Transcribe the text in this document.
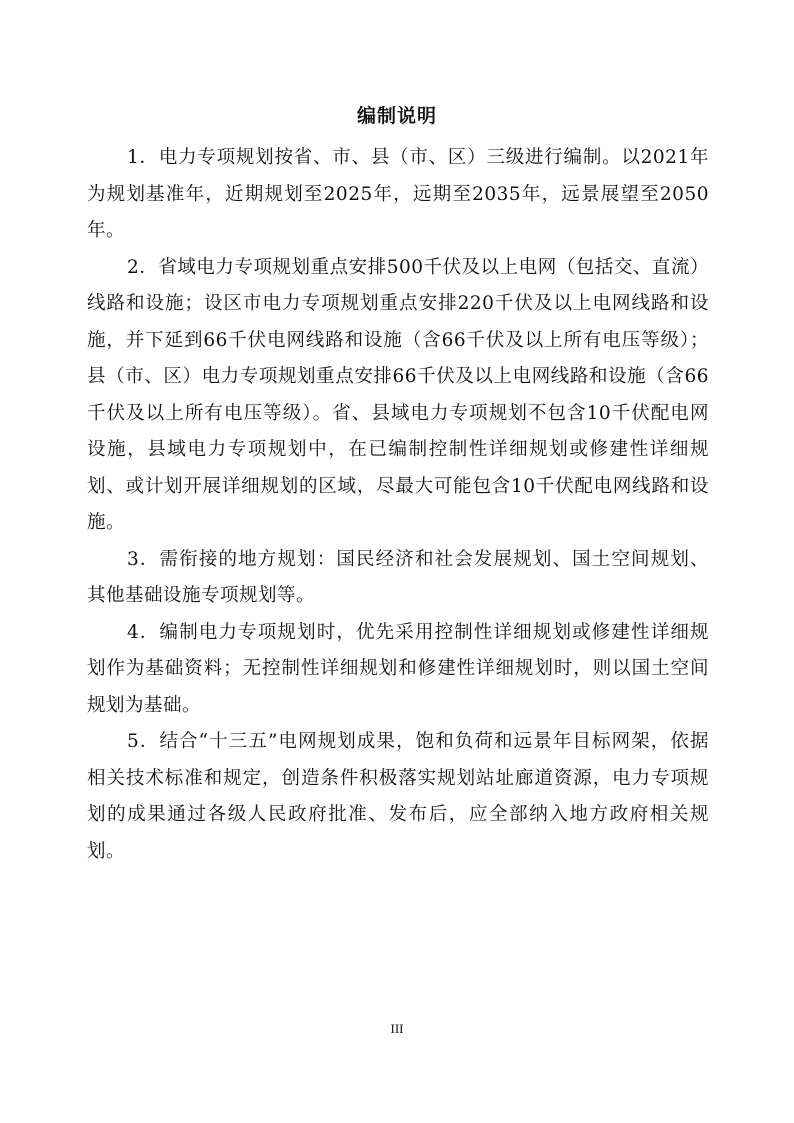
编制说明

1．电力专项规划按省、市、县（市、区）三级进行编制。以2021年为规划基准年，近期规划至2025年，远期至2035年，远景展望至2050年。

2．省域电力专项规划重点安排500千伏及以上电网（包括交、直流）线路和设施；设区市电力专项规划重点安排220千伏及以上电网线路和设施，并下延到66千伏电网线路和设施（含66千伏及以上所有电压等级）；县（市、区）电力专项规划重点安排66千伏及以上电网线路和设施（含66千伏及以上所有电压等级）。省、县域电力专项规划不包含10千伏配电网设施，县域电力专项规划中，在已编制控制性详细规划或修建性详细规划、或计划开展详细规划的区域，尽最大可能包含10千伏配电网线路和设施。

3．需衔接的地方规划：国民经济和社会发展规划、国土空间规划、其他基础设施专项规划等。

4．编制电力专项规划时，优先采用控制性详细规划或修建性详细规划作为基础资料；无控制性详细规划和修建性详细规划时，则以国土空间规划为基础。

5．结合“十三五”电网规划成果，饱和负荷和远景年目标网架，依据相关技术标准和规定，创造条件积极落实规划站址廊道资源，电力专项规划的成果通过各级人民政府批准、发布后，应全部纳入地方政府相关规划。

III
